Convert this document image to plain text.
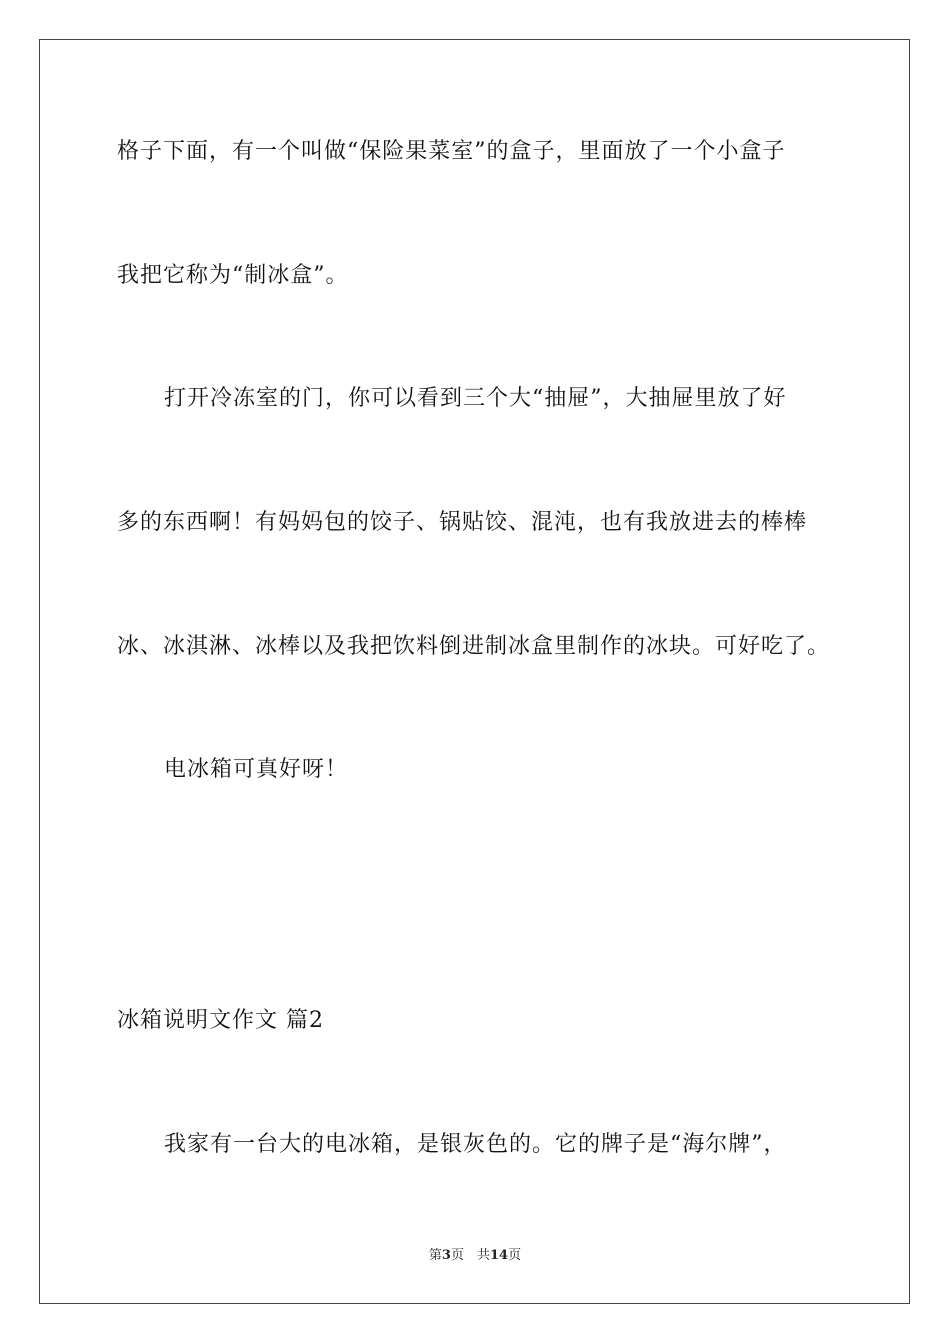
格子下面，有一个叫做“保险果菜室”的盒子，里面放了一个小盒子
我把它称为“制冰盒”。
打开冷冻室的门，你可以看到三个大“抽屉”，大抽屉里放了好
多的东西啊！有妈妈包的饺子、锅贴饺、混沌，也有我放进去的棒棒
冰、冰淇淋、冰棒以及我把饮料倒进制冰盒里制作的冰块。可好吃了。
电冰箱可真好呀！
冰箱说明文作文 篇2
我家有一台大的电冰箱，是银灰色的。它的牌子是“海尔牌”，
第3页　共14页
